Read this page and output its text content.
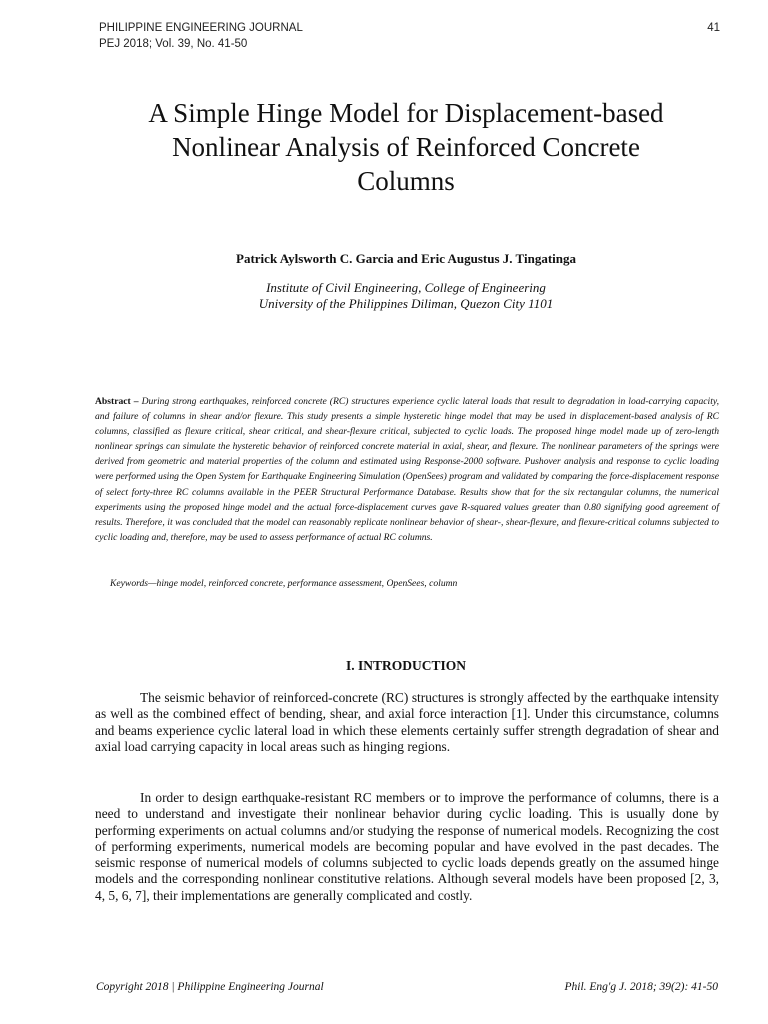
PHILIPPINE ENGINEERING JOURNAL
PEJ 2018; Vol. 39, No. 41-50
41
A Simple Hinge Model for Displacement-based
Nonlinear Analysis of Reinforced Concrete
Columns
Patrick Aylsworth C. Garcia and Eric Augustus J. Tingatinga
Institute of Civil Engineering, College of Engineering
University of the Philippines Diliman, Quezon City 1101
Abstract – During strong earthquakes, reinforced concrete (RC) structures experience cyclic lateral loads that result to degradation in load-carrying capacity, and failure of columns in shear and/or flexure. This study presents a simple hysteretic hinge model that may be used in displacement-based analysis of RC columns, classified as flexure critical, shear critical, and shear-flexure critical, subjected to cyclic loads. The proposed hinge model made up of zero-length nonlinear springs can simulate the hysteretic behavior of reinforced concrete material in axial, shear, and flexure. The nonlinear parameters of the springs were derived from geometric and material properties of the column and estimated using Response-2000 software. Pushover analysis and response to cyclic loading were performed using the Open System for Earthquake Engineering Simulation (OpenSees) program and validated by comparing the force-displacement response of select forty-three RC columns available in the PEER Structural Performance Database. Results show that for the six rectangular columns, the numerical experiments using the proposed hinge model and the actual force-displacement curves gave R-squared values greater than 0.80 signifying good agreement of results. Therefore, it was concluded that the model can reasonably replicate nonlinear behavior of shear-, shear-flexure, and flexure-critical columns subjected to cyclic loading and, therefore, may be used to assess performance of actual RC columns.
Keywords—hinge model, reinforced concrete, performance assessment, OpenSees, column
I. INTRODUCTION

The seismic behavior of reinforced-concrete (RC) structures is strongly affected by the earthquake intensity as well as the combined effect of bending, shear, and axial force interaction [1]. Under this circumstance, columns and beams experience cyclic lateral load in which these elements certainly suffer strength degradation of shear and axial load carrying capacity in local areas such as hinging regions.

In order to design earthquake-resistant RC members or to improve the performance of columns, there is a need to understand and investigate their nonlinear behavior during cyclic loading. This is usually done by performing experiments on actual columns and/or studying the response of numerical models. Recognizing the cost of performing experiments, numerical models are becoming popular and have evolved in the past decades. The seismic response of numerical models of columns subjected to cyclic loads depends greatly on the assumed hinge models and the corresponding nonlinear constitutive relations. Although several models have been proposed [2, 3, 4, 5, 6, 7], their implementations are generally complicated and costly.

Copyright 2018 | Philippine Engineering Journal	Phil. Eng'g J. 2018; 39(2): 41-50
